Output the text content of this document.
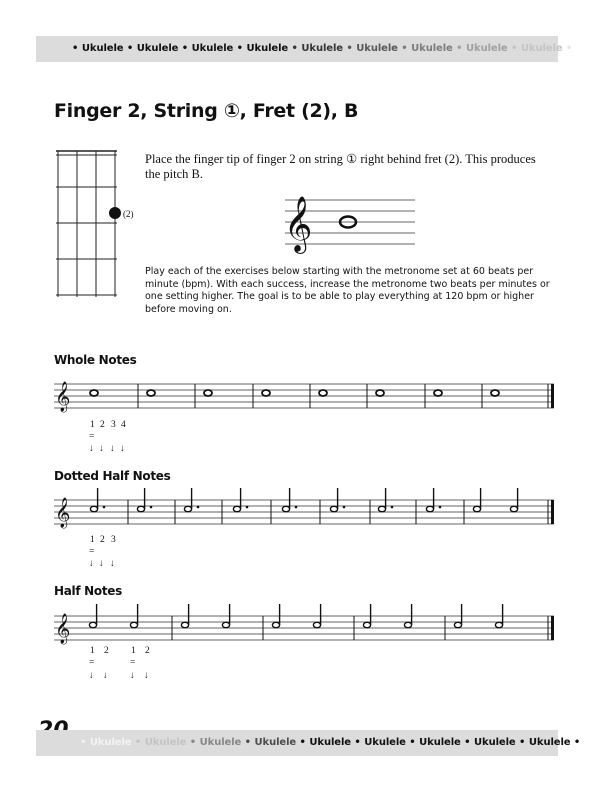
• Ukulele • Ukulele • Ukulele • Ukulele • Ukulele • Ukulele • Ukulele • Ukulele • Ukulele •
Finger 2, String ①, Fret (2), B
(2)

Place the finger tip of finger 2 on string ① right behind fret (2). This produces the pitch B.

𝄞

Play each of the exercises below starting with the metronome set at 60 beats per minute (bpm). With each success, increase the metronome two beats per minutes or one setting higher. The goal is to be able to play everything at 120 bpm or higher before moving on.

Whole Notes
𝄞
1 2 3 4
=
↓ ↓ ↓ ↓
Dotted Half Notes
𝄞
1 2 3
=
↓ ↓ ↓
Half Notes
𝄞
1 2 1 2
=	=
↓ ↓ ↓ ↓
• Ukulele • Ukulele • Ukulele • Ukulele • Ukulele • Ukulele • Ukulele • Ukulele • Ukulele •
